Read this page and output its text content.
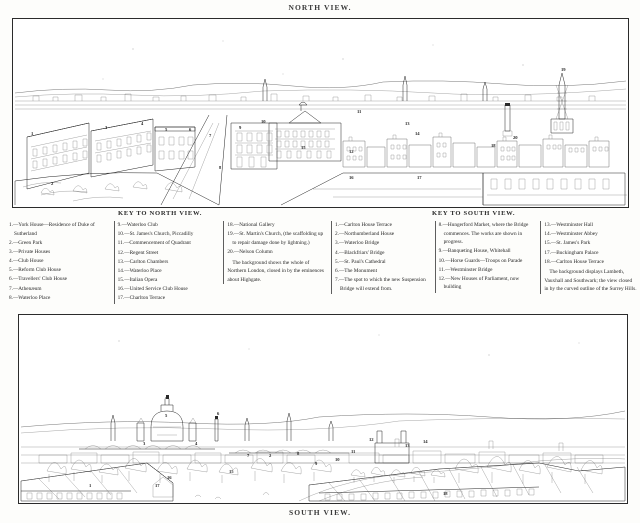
NORTH VIEW.
1
2
3
4
5	6
7
8
9
10
11
12
13
14
15
16	17
18
19
20
KEY TO NORTH VIEW.	KEY TO SOUTH VIEW.
1.—York House—Residence of Duke of Sutherland
2.—Green Park
3.—Private Houses
4.—Club House
5.—Reform Club House
6.—Travellers' Club House
7.—Athenæum
8.—Waterloo Place
9.—Waterloo Club
10.—St. James's Church, Piccadilly
11.—Commencement of Quadrant
12.—Regent Street
13.—Carlton Chambers
14.—Waterloo Place
15.—Italian Opera
16.—United Service Club House
17.—Charlton Terrace
18.—National Gallery
19.—St. Martin's Church, (the scaffolding up to repair damage done by lightning.)
20.—Nelson Column
The background shows the whole of Northern London, closed in by the eminences about Highgate.
1.—Carlton House Terrace
2.—Northumberland House
3.—Waterloo Bridge
4.—Blackfriars' Bridge
5.—St. Paul's Cathedral
6.—The Monument
7.—The spot to which the new Suspension Bridge will extend from.
8.—Hungerford Market, where the Bridge commences. The works are shown in progress.
9.—Banqueting House, Whitehall
10.—Horse Guards—Troops on Parade
11.—Westminster Bridge
12.—New Houses of Parliament, now building
13.—Westminster Hall
14.—Westminster Abbey
15.—St. James's Park
17.—Buckingham Palace
18.—Carlton House Terrace
The background displays Lambeth, Vauxhall and Southwark; the view closed in by the curved outline of the Surrey Hills.
1
2
3	4
5	6
7	8
9
10
11
12
13
14
15
16
17
18
SOUTH VIEW.
